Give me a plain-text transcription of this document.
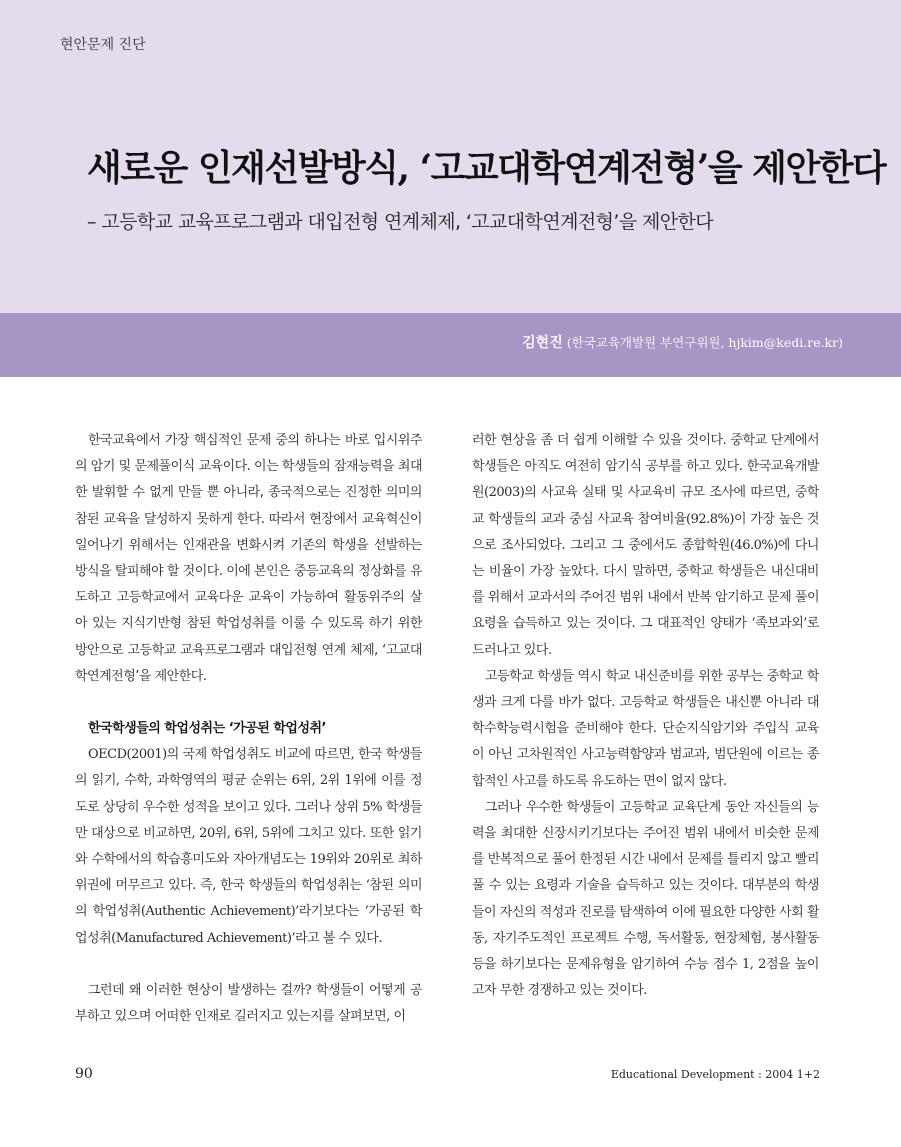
현안문제 진단
새로운 인재선발방식, ‘고교대학연계전형’을 제안한다
– 고등학교 교육프로그램과 대입전형 연계체제, ‘고교대학연계전형’을 제안한다
김현진 (한국교육개발원 부연구위원, hjkim@kedi.re.kr)

한국교육에서 가장 핵심적인 문제 중의 하나는 바로 입시위주의 암기 및 문제풀이식 교육이다. 이는 학생들의 잠재능력을 최대한 발휘할 수 없게 만들 뿐 아니라, 종국적으로는 진정한 의미의 참된 교육을 달성하지 못하게 한다. 따라서 현장에서 교육혁신이 일어나기 위해서는 인재관을 변화시켜 기존의 학생을 선발하는 방식을 탈피해야 할 것이다. 이에 본인은 중등교육의 정상화를 유도하고 고등학교에서 교육다운 교육이 가능하여 활동위주의 살아 있는 지식기반형 참된 학업성취를 이룰 수 있도록 하기 위한 방안으로 고등학교 교육프로그램과 대입전형 연계 체제, ‘고교대학연계전형’을 제안한다.

한국학생들의 학업성취는 ‘가공된 학업성취’

OECD(2001)의 국제 학업성취도 비교에 따르면, 한국 학생들의 읽기, 수학, 과학영역의 평균 순위는 6위, 2위 1위에 이를 정도로 상당히 우수한 성적을 보이고 있다. 그러나 상위 5% 학생들만 대상으로 비교하면, 20위, 6위, 5위에 그치고 있다. 또한 읽기와 수학에서의 학습흥미도와 자아개념도는 19위와 20위로 최하위권에 머무르고 있다. 즉, 한국 학생들의 학업성취는 ‘참된 의미의 학업성취(Authentic Achievement)’라기보다는 ‘가공된 학업성취(Manufactured Achievement)’라고 볼 수 있다.

그런데 왜 이러한 현상이 발생하는 걸까? 학생들이 어떻게 공부하고 있으며 어떠한 인재로 길러지고 있는지를 살펴보면, 이

러한 현상을 좀 더 쉽게 이해할 수 있을 것이다. 중학교 단계에서 학생들은 아직도 여전히 암기식 공부를 하고 있다. 한국교육개발원(2003)의 사교육 실태 및 사교육비 규모 조사에 따르면, 중학교 학생들의 교과 중심 사교육 참여비율(92.8%)이 가장 높은 것으로 조사되었다. 그리고 그 중에서도 종합학원(46.0%)에 다니는 비율이 가장 높았다. 다시 말하면, 중학교 학생들은 내신대비를 위해서 교과서의 주어진 범위 내에서 반복 암기하고 문제 풀이 요령을 습득하고 있는 것이다. 그 대표적인 양태가 ‘족보과외’로 드러나고 있다.

고등학교 학생들 역시 학교 내신준비를 위한 공부는 중학교 학생과 크게 다를 바가 없다. 고등학교 학생들은 내신뿐 아니라 대학수학능력시험을 준비해야 한다. 단순지식암기와 주입식 교육이 아닌 고차원적인 사고능력함양과 범교과, 범단원에 이르는 종합적인 사고를 하도록 유도하는 면이 없지 않다.

그러나 우수한 학생들이 고등학교 교육단계 동안 자신들의 능력을 최대한 신장시키기보다는 주어진 범위 내에서 비슷한 문제를 반복적으로 풀어 한정된 시간 내에서 문제를 틀리지 않고 빨리 풀 수 있는 요령과 기술을 습득하고 있는 것이다. 대부분의 학생들이 자신의 적성과 진로를 탐색하여 이에 필요한 다양한 사회 활동, 자기주도적인 프로젝트 수행, 독서활동, 현장체험, 봉사활동 등을 하기보다는 문제유형을 암기하여 수능 점수 1, 2점을 높이고자 무한 경쟁하고 있는 것이다.

90	Educational Development : 2004 1+2
